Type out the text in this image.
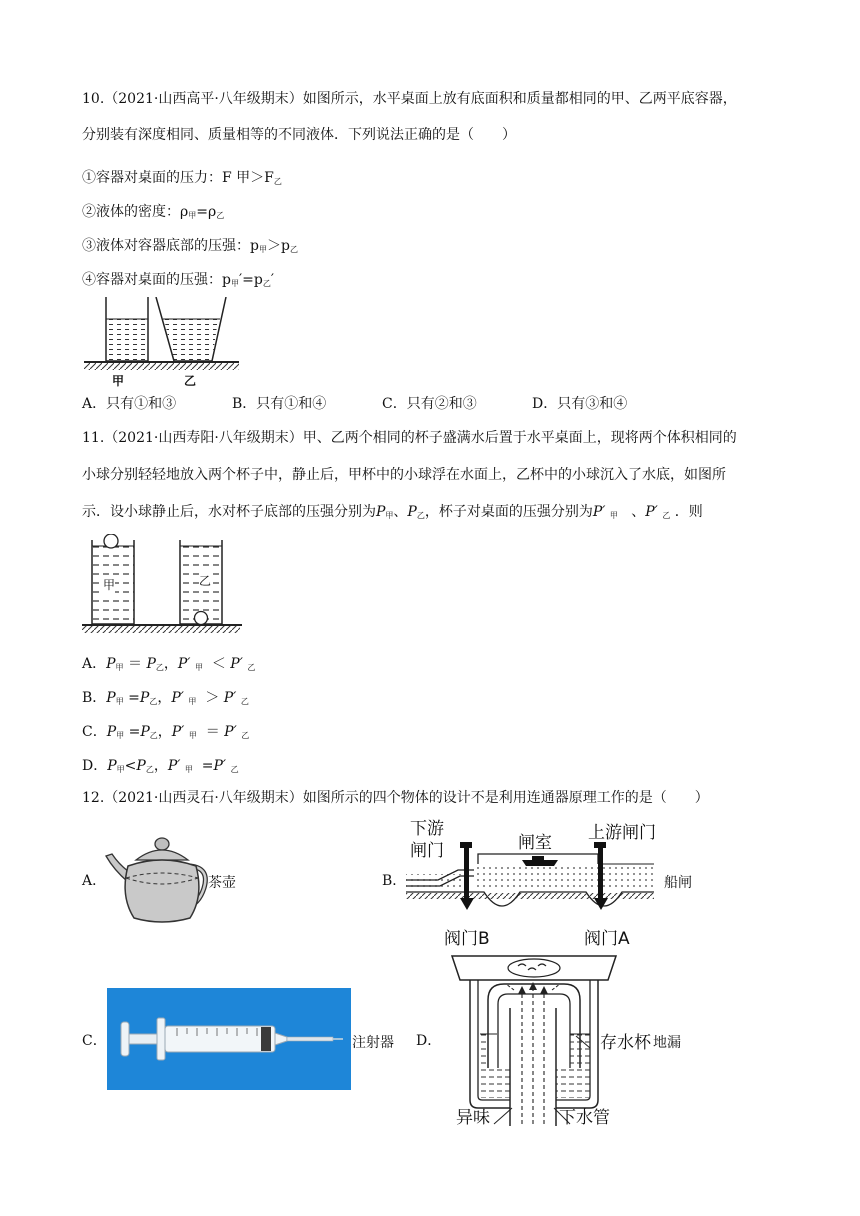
10.（2021·山西高平·八年级期末）如图所示，水平桌面上放有底面积和质量都相同的甲、乙两平底容器，
分别装有深度相同、质量相等的不同液体．下列说法正确的是（　　）
①容器对桌面的压力：F 甲$>F_乙$
②液体的密度：$\rho_甲=\rho_乙$
③液体对容器底部的压强：$p_甲>p_乙$
④容器对桌面的压强：$p_甲'=p_乙'$
甲	乙
A．只有①和③	B．只有①和④	C．只有②和③	D．只有③和④
11.（2021·山西寿阳·八年级期末）甲、乙两个相同的杯子盛满水后置于水平桌面上，现将两个体积相同的
小球分别轻轻地放入两个杯子中，静止后，甲杯中的小球浮在水面上，乙杯中的小球沉入了水底，如图所
示．设小球静止后，水对杯子底部的压强分别为$P_甲$、$P_乙$，杯子对桌面的压强分别为P′ $_甲$ 、P′ $_乙$ ．则
甲	乙
A．$P_甲 = P_乙$，P′ $_甲$ ＜ P′ $_乙$
B．$P_甲 =P_乙$，P′ $_甲$ ＞ P′ $_乙$
C．$P_甲 =P_乙$，P′ $_甲$ ＝ P′ $_乙$
D．$P_甲<P_乙$，P′ $_甲$ =P′ $_乙$
12.（2021·山西灵石·八年级期末）如图所示的四个物体的设计不是利用连通器原理工作的是（　　）
A．	茶壶	B．
下游
闸门	闸室 上游闸门
阀门B	阀门A
船闸
C．	注射器 D．	存水杯 地漏
异味	下水管
